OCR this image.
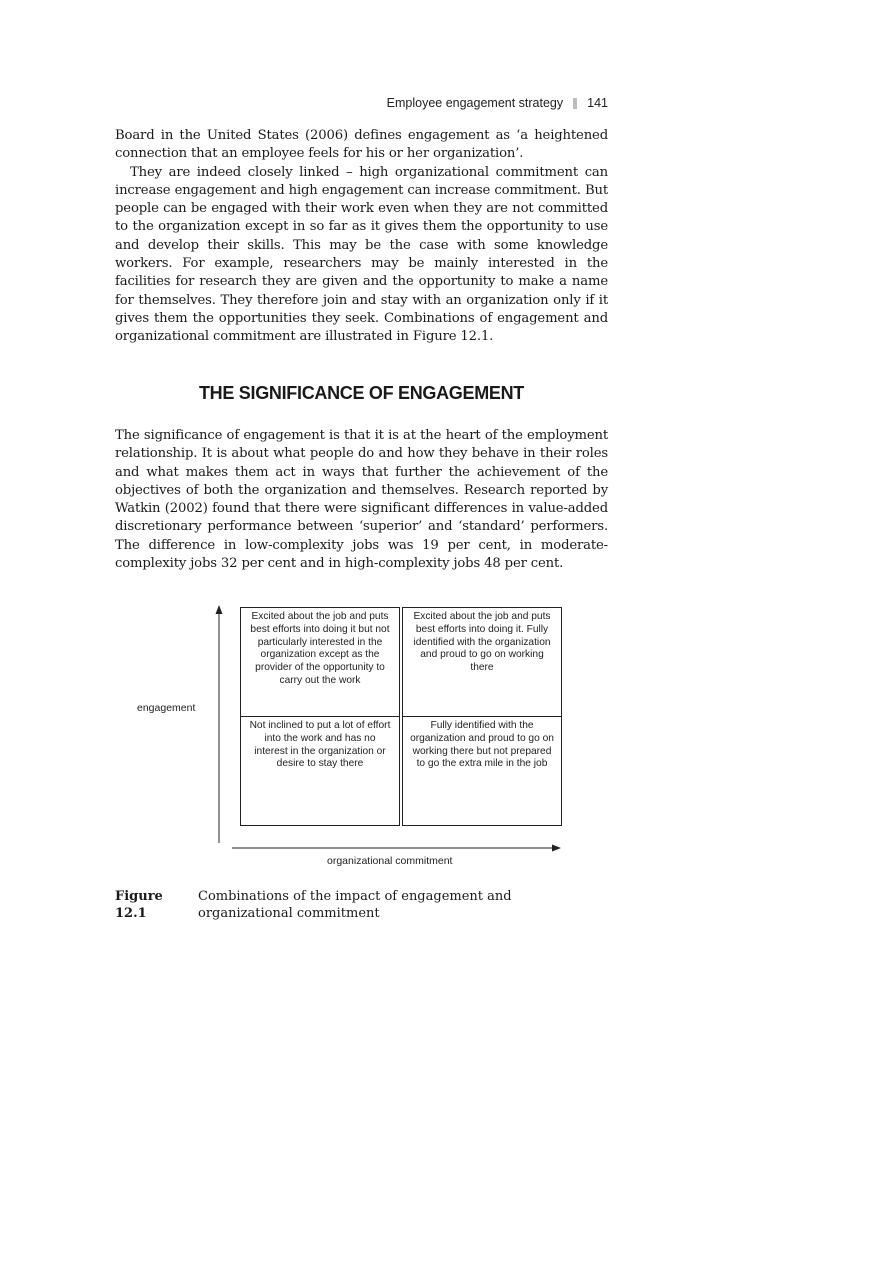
Employee engagement strategy 141

Board in the United States (2006) defines engagement as ‘a heightened connection that an employee feels for his or her organization’.

They are indeed closely linked – high organizational commitment can increase engagement and high engagement can increase commitment. But people can be engaged with their work even when they are not committed to the organization except in so far as it gives them the opportunity to use and develop their skills. This may be the case with some knowledge workers. For example, researchers may be mainly interested in the facilities for research they are given and the opportunity to make a name for themselves. They therefore join and stay with an organization only if it gives them the opportunities they seek. Combinations of engagement and organizational commitment are illustrated in Figure 12.1.

THE SIGNIFICANCE OF ENGAGEMENT

The significance of engagement is that it is at the heart of the employment relationship. It is about what people do and how they behave in their roles and what makes them act in ways that further the achievement of the objectives of both the organization and themselves. Research reported by Watkin (2002) found that there were significant differences in value-added discretionary performance between ‘superior’ and ‘standard’ performers. The difference in low-complexity jobs was 19 per cent, in moderate-complexity jobs 32 per cent and in high-complexity jobs 48 per cent.

engagement
organizational commitment
Excited about the job and puts best efforts into doing it but not particularly interested in the organization except as the provider of the opportunity to carry out the work
Excited about the job and puts best efforts into doing it. Fully identified with the organization and proud to go on working there
Not inclined to put a lot of effort into the work and has no interest in the organization or desire to stay there
Fully identified with the organization and proud to go on working there but not prepared to go the extra mile in the job
Figure 12.1
Combinations of the impact of engagement and organizational commitment
